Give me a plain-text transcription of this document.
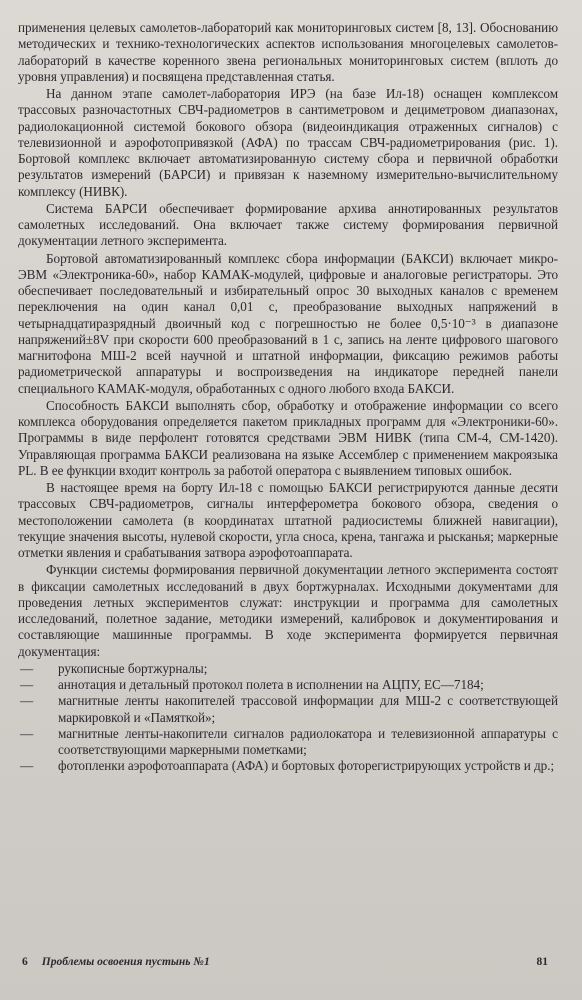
применения целевых самолетов-лабораторий как мониторинговых систем [8, 13]. Обоснованию методических и технико-технологических аспектов использования многоцелевых самолетов-лабораторий в качестве коренного звена региональных мониторинговых систем (вплоть до уровня управления) и посвящена представленная статья.

На данном этапе самолет-лаборатория ИРЭ (на базе Ил-18) оснащен комплексом трассовых разночастотных СВЧ-радиометров в сантиметровом и дециметровом диапазонах, радиолокационной системой бокового обзора (видеоиндикация отраженных сигналов) с телевизионной и аэрофотопривязкой (АФА) по трассам СВЧ-радиометрирования (рис. 1). Бортовой комплекс включает автоматизированную систему сбора и первичной обработки результатов измерений (БАРСИ) и привязан к наземному измерительно-вычислительному комплексу (НИВК).

Система БАРСИ обеспечивает формирование архива аннотированных результатов самолетных исследований. Она включает также систему формирования первичной документации летного эксперимента.

Бортовой автоматизированный комплекс сбора информации (БАКСИ) включает микро-ЭВМ «Электроника-60», набор КАМАК-модулей, цифровые и аналоговые регистраторы. Это обеспечивает последовательный и избирательный опрос 30 выходных каналов с временем переключения на один канал 0,01 с, преобразование выходных напряжений в четырнадцатиразрядный двоичный код с погрешностью не более 0,5·10⁻³ в диапазоне напряжений±8V при скорости 600 преобразований в 1 с, запись на ленте цифрового шагового магнитофона МШ-2 всей научной и штатной информации, фиксацию режимов работы радиометрической аппаратуры и воспроизведения на индикаторе передней панели специального КАМАК-модуля, обработанных с одного любого входа БАКСИ.

Способность БАКСИ выполнять сбор, обработку и отображение информации со всего комплекса оборудования определяется пакетом прикладных программ для «Электроники-60». Программы в виде перфолент готовятся средствами ЭВМ НИВК (типа СМ-4, СМ-1420). Управляющая программа БАКСИ реализована на языке Ассемблер с применением макроязыка PL. В ее функции входит контроль за работой оператора с выявлением типовых ошибок.

В настоящее время на борту Ил-18 с помощью БАКСИ регистрируются данные десяти трассовых СВЧ-радиометров, сигналы интерферометра бокового обзора, сведения о местоположении самолета (в координатах штатной радиосистемы ближней навигации), текущие значения высоты, нулевой скорости, угла сноса, крена, тангажа и рысканья; маркерные отметки явления и срабатывания затвора аэрофотоаппарата.

Функции системы формирования первичной документации летного эксперимента состоят в фиксации самолетных исследований в двух бортжурналах. Исходными документами для проведения летных экспериментов служат: инструкции и программа для самолетных исследований, полетное задание, методики измерений, калибровок и документирования и составляющие машинные программы. В ходе эксперимента формируется первичная документация:

—	рукописные бортжурналы;
—	аннотация и детальный протокол полета в исполнении на АЦПУ, ЕС—7184;
—	магнитные ленты накопителей трассовой информации для МШ-2 с соответствующей маркировкой и «Памяткой»;
—	магнитные ленты-накопители сигналов радиолокатора и телевизионной аппаратуры с соответствующими маркерными пометками;
—	фотопленки аэрофотоаппарата (АФА) и бортовых фоторегистрирующих устройств и др.;
6 Проблемы освоения пустынь №1	81
